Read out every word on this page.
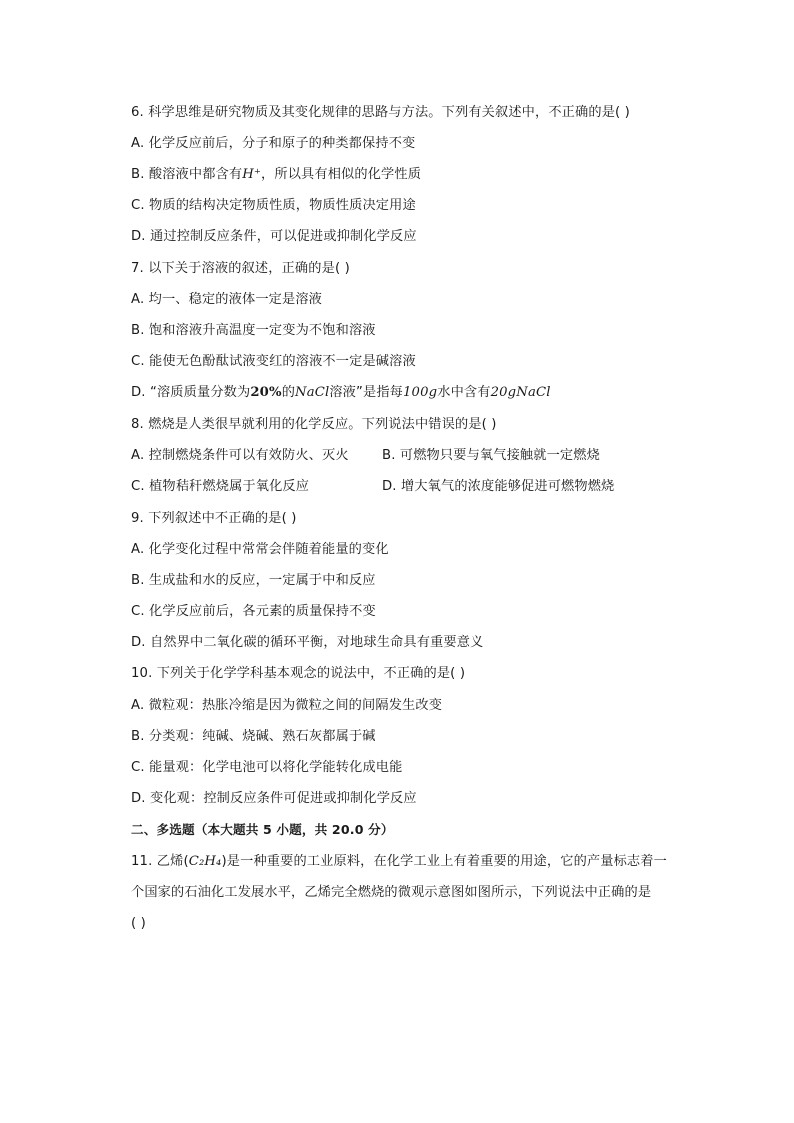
6. 科学思维是研究物质及其变化规律的思路与方法。下列有关叙述中，不正确的是( )
A. 化学反应前后，分子和原子的种类都保持不变
B. 酸溶液中都含有H⁺，所以具有相似的化学性质
C. 物质的结构决定物质性质，物质性质决定用途
D. 通过控制反应条件，可以促进或抑制化学反应
7. 以下关于溶液的叙述，正确的是( )
A. 均一、稳定的液体一定是溶液
B. 饱和溶液升高温度一定变为不饱和溶液
C. 能使无色酚酞试液变红的溶液不一定是碱溶液
D. “溶质质量分数为20%的NaCl溶液”是指每100g水中含有20gNaCl
8. 燃烧是人类很早就利用的化学反应。下列说法中错误的是( )
A. 控制燃烧条件可以有效防火、灭火	B. 可燃物只要与氧气接触就一定燃烧
C. 植物秸秆燃烧属于氧化反应	D. 增大氧气的浓度能够促进可燃物燃烧
9. 下列叙述中不正确的是( )
A. 化学变化过程中常常会伴随着能量的变化
B. 生成盐和水的反应，一定属于中和反应
C. 化学反应前后，各元素的质量保持不变
D. 自然界中二氧化碳的循环平衡，对地球生命具有重要意义
10. 下列关于化学学科基本观念的说法中，不正确的是( )
A. 微粒观：热胀冷缩是因为微粒之间的间隔发生改变
B. 分类观：纯碱、烧碱、熟石灰都属于碱
C. 能量观：化学电池可以将化学能转化成电能
D. 变化观：控制反应条件可促进或抑制化学反应
二、多选题（本大题共 5 小题，共 20.0 分）
11. 乙烯(C₂H₄)是一种重要的工业原料，在化学工业上有着重要的用途，它的产量标志着一
个国家的石油化工发展水平，乙烯完全燃烧的微观示意图如图所示，下列说法中正确的是
( )
